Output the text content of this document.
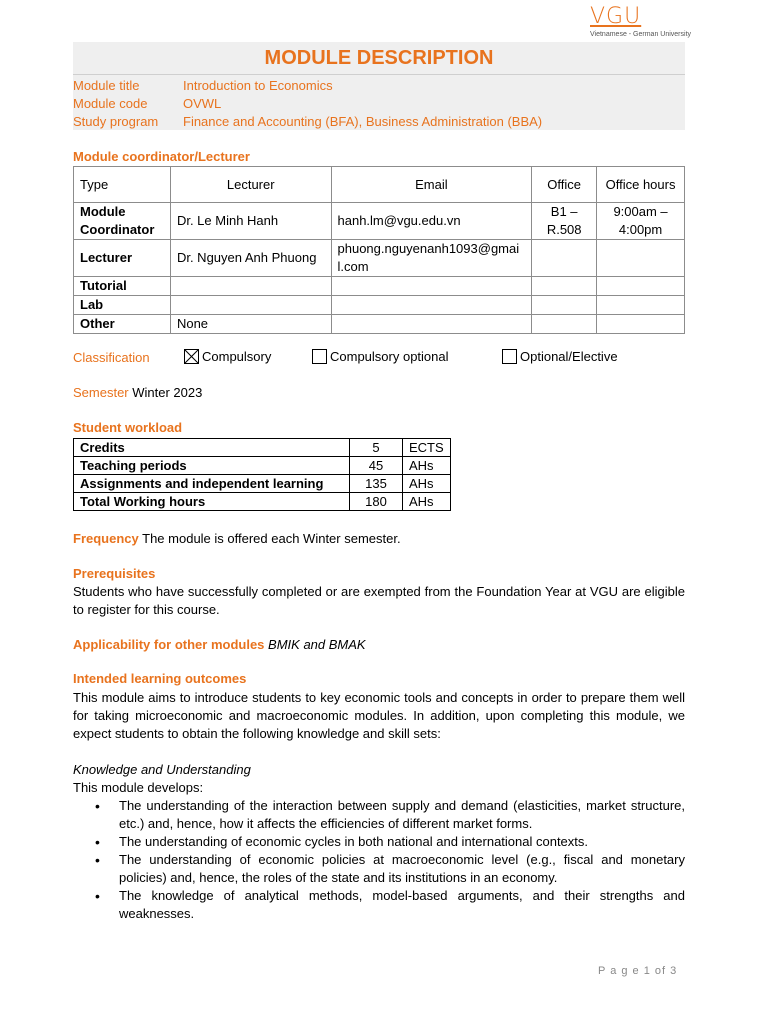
VGU
Vietnamese - German University
MODULE DESCRIPTION
Module title	Introduction to Economics
Module code	OVWL
Study program Finance and Accounting (BFA), Business Administration (BBA)
Module coordinator/Lecturer
Type	Lecturer	Email	Office	Office hours
Module Coordinator	Dr. Le Minh Hanh	hanh.lm@vgu.edu.vn	B1 – R.508	9:00am – 4:00pm
Lecturer	Dr. Nguyen Anh Phuong	phuong.nguyenanh1093@gmail.com		
Tutorial				
Lab				
Other	None			
Classification	Compulsory	Compulsory optional	Optional/Elective
Semester Winter 2023
Student workload
Credits	5	ECTS
Teaching periods	45	AHs
Assignments and independent learning	135	AHs
Total Working hours	180	AHs
Frequency The module is offered each Winter semester.
Prerequisites
Students who have successfully completed or are exempted from the Foundation Year at VGU are eligible to register for this course.
Applicability for other modules BMIK and BMAK
Intended learning outcomes
This module aims to introduce students to key economic tools and concepts in order to prepare them well for taking microeconomic and macroeconomic modules. In addition, upon completing this module, we expect students to obtain the following knowledge and skill sets:
Knowledge and Understanding
This module develops:
• The understanding of the interaction between supply and demand (elasticities, market structure, etc.) and, hence, how it affects the efficiencies of different market forms.
• The understanding of economic cycles in both national and international contexts.
• The understanding of economic policies at macroeconomic level (e.g., fiscal and monetary policies) and, hence, the roles of the state and its institutions in an economy.
• The knowledge of analytical methods, model-based arguments, and their strengths and weaknesses.
P a g e 1 of 3
